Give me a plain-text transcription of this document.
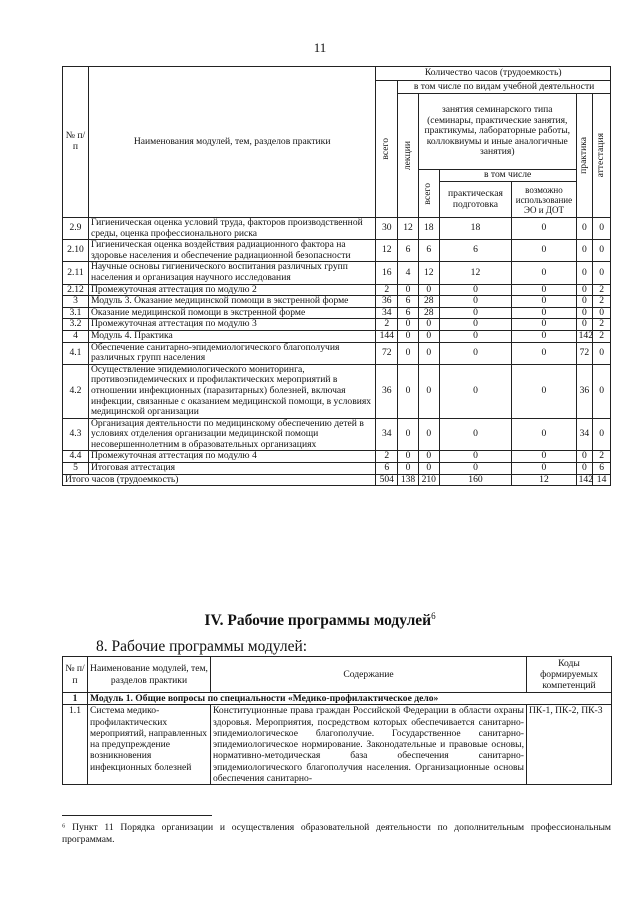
11
№ п/п	Наименования модулей, тем, разделов практики	Количество часов (трудоемкость)						

		всего	в том числе по видам учебной деятельности					

			лекции	занятия семинарского типа (семинары, практические занятия, практикумы, лабораторные работы, коллоквиумы и иные аналогичные занятия)			практика	аттестация

				всего	в том числе			
					практическая подготовка	возможно использование ЭО и ДОТ		
2.9	Гигиеническая оценка условий труда, факторов производственной среды, оценка профессионального риска	30	12	18	18	0	0	0
2.10	Гигиеническая оценка воздействия радиационного фактора на здоровье населения и обеспечение радиационной безопасности	12	6	6	6	0	0	0
2.11	Научные основы гигиенического воспитания различных групп населения и организация научного исследования	16	4	12	12	0	0	0
2.12	Промежуточная аттестация по модулю 2	2	0	0	0	0	0	2
3	Модуль 3. Оказание медицинской помощи в экстренной форме	36	6	28	0	0	0	2
3.1	Оказание медицинской помощи в экстренной форме	34	6	28	0	0	0	0
3.2	Промежуточная аттестация по модулю 3	2	0	0	0	0	0	2
4	Модуль 4. Практика	144	0	0	0	0	142	2
4.1	Обеспечение санитарно-эпидемиологического благополучия различных групп населения	72	0	0	0	0	72	0
4.2	Осуществление эпидемиологического мониторинга, противоэпидемических и профилактических мероприятий в отношении инфекционных (паразитарных) болезней, включая инфекции, связанные с оказанием медицинской помощи, в условиях медицинской организации	36	0	0	0	0	36	0
4.3	Организация деятельности по медицинскому обеспечению детей в условиях отделения организации медицинской помощи несовершеннолетним в образовательных организациях	34	0	0	0	0	34	0
4.4	Промежуточная аттестация по модулю 4	2	0	0	0	0	0	2
5	Итоговая аттестация	6	0	0	0	0	0	6
Итого часов (трудоемкость)		504	138	210	160	12	142	14
IV. Рабочие программы модулей$^6$
8. Рабочие программы модулей:
№ п/п	Наименование модулей, тем, разделов практики	Содержание	Коды формируемых компетенций
1	Модуль 1. Общие вопросы по специальности «Медико-профилактическое дело»		
1.1	Система медико-профилактических мероприятий, направленных на предупреждение возникновения инфекционных болезней	Конституционные права граждан Российской Федерации в области охраны здоровья. Мероприятия, посредством которых обеспечивается санитарно-эпидемиологическое благополучие. Государственное санитарно-эпидемиологическое нормирование. Законодательные и правовые основы, нормативно-методическая база обеспечения санитарно-эпидемиологического благополучия населения. Организационные основы обеспечения санитарно-	ПК-1, ПК-2, ПК-3
⁶ Пункт 11 Порядка организации и осуществления образовательной деятельности по дополнительным профессиональным программам.
